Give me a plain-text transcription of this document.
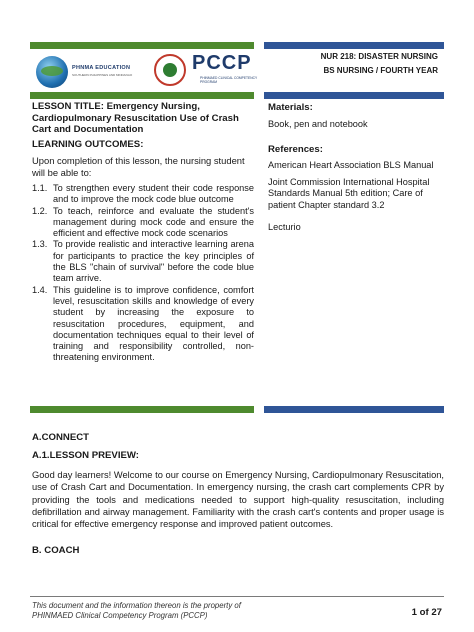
PHNMA EDUCATION
SOUTHERN PHILIPPINES AND MINDANAO
PCCP
PHINMAED CLINICAL COMPETENCY PROGRAM
NUR 218: DISASTER NURSING
BS NURSING / FOURTH YEAR
LESSON TITLE: Emergency Nursing, Cardiopulmonary Resuscitation Use of Crash Cart and Documentation
LEARNING OUTCOMES:
Upon completion of this lesson, the nursing student will be able to:
1.1. To strengthen every student their code response and to improve the mock code blue outcome
1.2. To teach, reinforce and evaluate the student's management during mock code and ensure the efficient and effective mock code scenarios
1.3. To provide realistic and interactive learning arena for participants to practice the key principles of the BLS "chain of survival" before the code blue team arrive.
1.4. This guideline is to improve confidence, comfort level, resuscitation skills and knowledge of every student by increasing the exposure to resuscitation procedures, equipment, and documentation techniques equal to their level of training and responsibility controlled, non-threatening environment.
Materials:
Book, pen and notebook
References:
American Heart Association BLS Manual
Joint Commission International Hospital Standards Manual 5th edition; Care of patient Chapter standard 3.2
Lecturio
A.CONNECT
A.1.LESSON PREVIEW:
Good day learners! Welcome to our course on Emergency Nursing, Cardiopulmonary Resuscitation, use of Crash Cart and Documentation. In emergency nursing, the crash cart complements CPR by providing the tools and medications needed to support high-quality resuscitation, including defibrillation and airway management. Familiarity with the crash cart's contents and proper usage is critical for effective emergency response and improved patient outcomes.
B. COACH
This document and the information thereon is the property of
PHINMAED Clinical Competency Program (PCCP)	1 of 27
